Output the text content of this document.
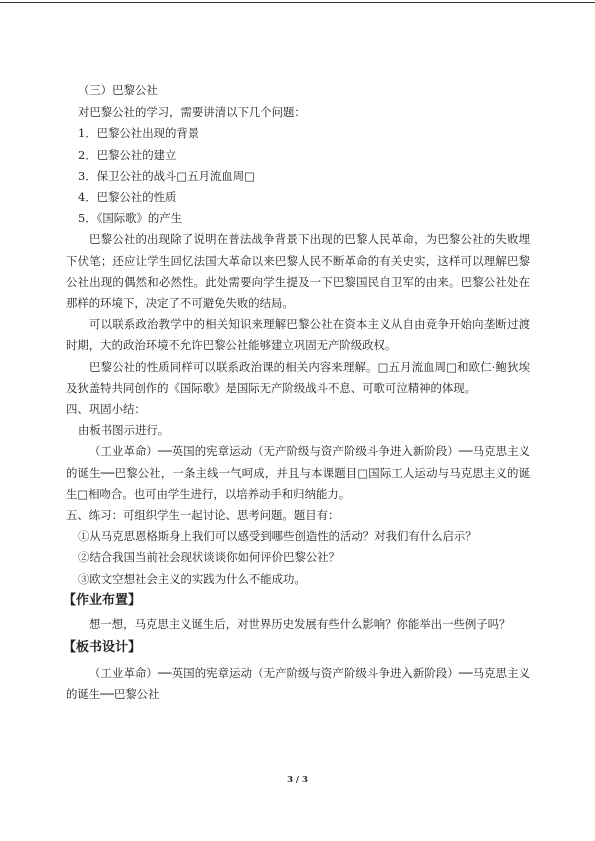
（三）巴黎公社

对巴黎公社的学习，需要讲清以下几个问题：

1．巴黎公社出现的背景

2．巴黎公社的建立

3．保卫公社的战斗□五月流血周□

4．巴黎公社的性质

5．《国际歌》的产生

巴黎公社的出现除了说明在普法战争背景下出现的巴黎人民革命，为巴黎公社的失败埋下伏笔；还应让学生回忆法国大革命以来巴黎人民不断革命的有关史实，这样可以理解巴黎公社出现的偶然和必然性。此处需要向学生提及一下巴黎国民自卫军的由来。巴黎公社处在那样的环境下，决定了不可避免失败的结局。

可以联系政治教学中的相关知识来理解巴黎公社在资本主义从自由竞争开始向垄断过渡时期，大的政治环境不允许巴黎公社能够建立巩固无产阶级政权。

巴黎公社的性质同样可以联系政治课的相关内容来理解。□五月流血周□和欧仁·鲍狄埃及狄盖特共同创作的《国际歌》是国际无产阶级战斗不息、可歌可泣精神的体现。

四、巩固小结：

由板书图示进行。

（工业革命）──英国的宪章运动（无产阶级与资产阶级斗争进入新阶段）──马克思主义的诞生──巴黎公社，一条主线一气呵成，并且与本课题目□国际工人运动与马克思主义的诞生□相吻合。也可由学生进行，以培养动手和归纳能力。

五、练习：可组织学生一起讨论、思考问题。题目有：

①从马克思恩格斯身上我们可以感受到哪些创造性的活动？对我们有什么启示？

②结合我国当前社会现状谈谈你如何评价巴黎公社？

③欧文空想社会主义的实践为什么不能成功。

【作业布置】

想一想，马克思主义诞生后，对世界历史发展有些什么影响？你能举出一些例子吗？

【板书设计】

（工业革命）──英国的宪章运动（无产阶级与资产阶级斗争进入新阶段）──马克思主义的诞生──巴黎公社

3 / 3
